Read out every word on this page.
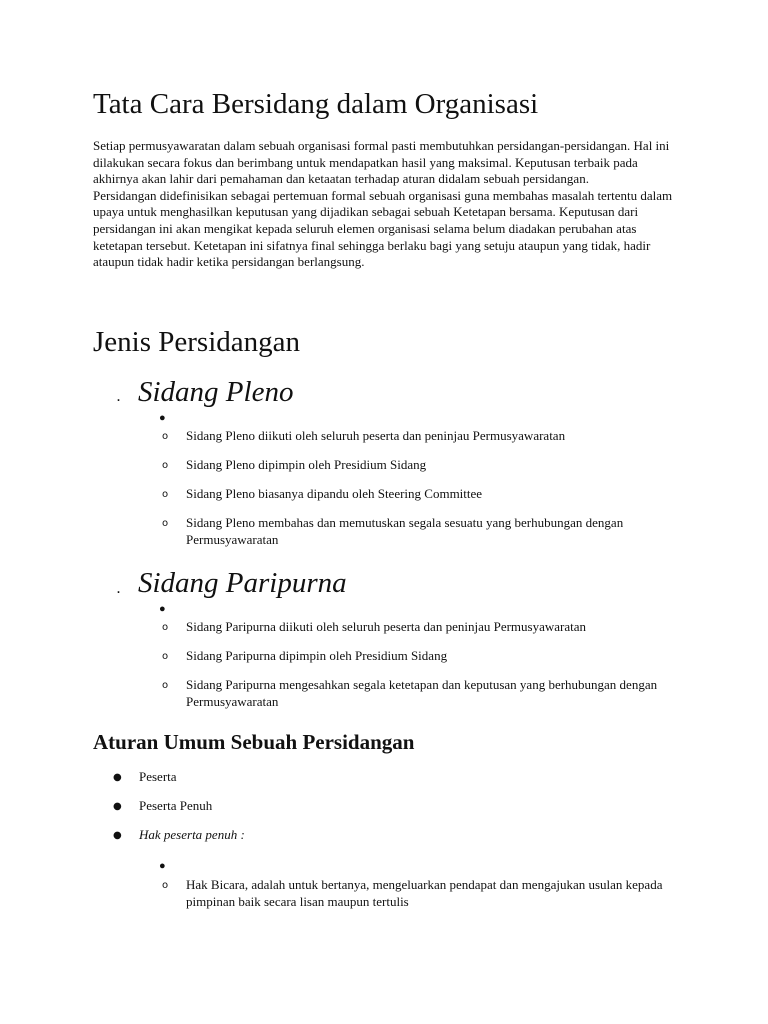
Tata Cara Bersidang dalam Organisasi

Setiap permusyawaratan dalam sebuah organisasi formal pasti membutuhkan persidangan-persidangan. Hal ini dilakukan secara fokus dan berimbang untuk mendapatkan hasil yang maksimal. Keputusan terbaik pada akhirnya akan lahir dari pemahaman dan ketaatan terhadap aturan didalam sebuah persidangan.

Persidangan didefinisikan sebagai pertemuan formal sebuah organisasi guna membahas masalah tertentu dalam upaya untuk menghasilkan keputusan yang dijadikan sebagai sebuah Ketetapan bersama. Keputusan dari persidangan ini akan mengikat kepada seluruh elemen organisasi selama belum diadakan perubahan atas ketetapan tersebut. Ketetapan ini sifatnya final sehingga berlaku bagi yang setuju ataupun yang tidak, hadir ataupun tidak hadir ketika persidangan berlangsung.

Jenis Persidangan
. Sidang Pleno
●
o Sidang Pleno diikuti oleh seluruh peserta dan peninjau Permusyawaratan
o Sidang Pleno dipimpin oleh Presidium Sidang
o Sidang Pleno biasanya dipandu oleh Steering Committee
o Sidang Pleno membahas dan memutuskan segala sesuatu yang berhubungan dengan Permusyawaratan
. Sidang Paripurna
●
o Sidang Paripurna diikuti oleh seluruh peserta dan peninjau Permusyawaratan
o Sidang Paripurna dipimpin oleh Presidium Sidang
o Sidang Paripurna mengesahkan segala ketetapan dan keputusan yang berhubungan dengan Permusyawaratan
Aturan Umum Sebuah Persidangan
● Peserta
● Peserta Penuh
● Hak peserta penuh :
●
o Hak Bicara, adalah untuk bertanya, mengeluarkan pendapat dan mengajukan usulan kepada pimpinan baik secara lisan maupun tertulis
